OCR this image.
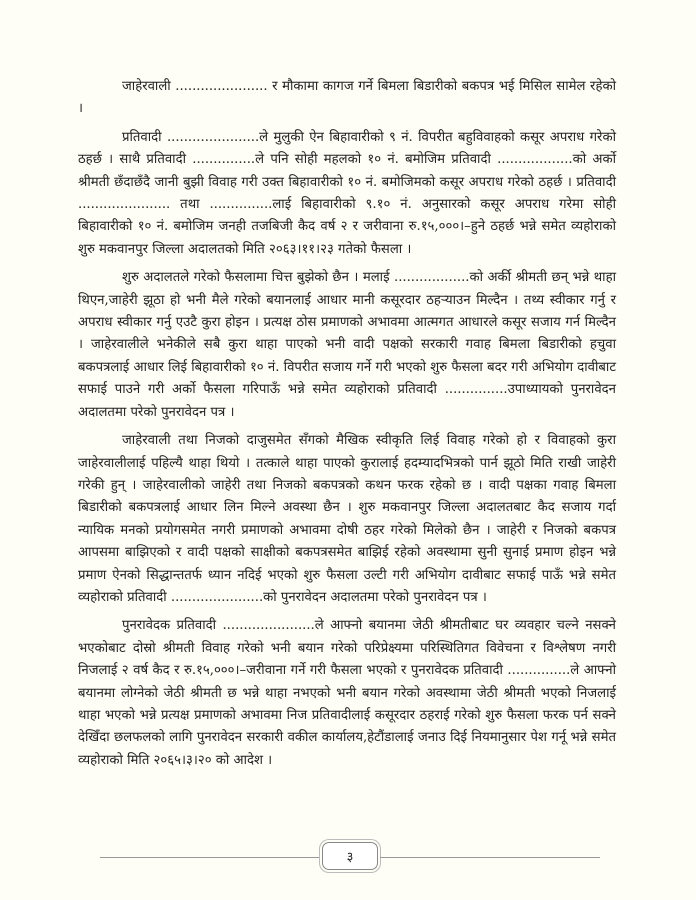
जाहेरवाली ...................... र मौकामा कागज गर्ने बिमला बिडारीको बकपत्र भई मिसिल सामेल रहेको ।

प्रतिवादी ......................ले मुलुकी ऐन बिहावारीको ९ नं. विपरीत बहुविवाहको कसूर अपराध गरेको ठहर्छ । साथै प्रतिवादी ...............ले पनि सोही महलको १० नं. बमोजिम प्रतिवादी ..................को अर्को श्रीमती छँदाछँदै जानी बुझी विवाह गरी उक्त बिहावारीको १० नं. बमोजिमको कसूर अपराध गरेको ठहर्छ । प्रतिवादी ...................... तथा ...............लाई बिहावारीको ९.१० नं. अनुसारको कसूर अपराध गरेमा सोही बिहावारीको १० नं. बमोजिम जनही तजबिजी कैद वर्ष २ र जरीवाना रु.१५,०००।–हुने ठहर्छ भन्ने समेत व्यहोराको शुरु मकवानपुर जिल्ला अदालतको मिति २०६३।११।२३ गतेको फैसला ।

शुरु अदालतले गरेको फैसलामा चित्त बुझेको छैन । मलाई ..................को अर्की श्रीमती छन् भन्ने थाहा थिएन,जाहेरी झूठा हो भनी मैले गरेको बयानलाई आधार मानी कसूरदार ठहऱ्याउन मिल्दैन । तथ्य स्वीकार गर्नु र अपराध स्वीकार गर्नु एउटै कुरा होइन । प्रत्यक्ष ठोस प्रमाणको अभावमा आत्मगत आधारले कसूर सजाय गर्न मिल्दैन । जाहेरवालीले भनेकीले सबै कुरा थाहा पाएको भनी वादी पक्षको सरकारी गवाह बिमला बिडारीको हचुवा बकपत्रलाई आधार लिई बिहावारीको १० नं. विपरीत सजाय गर्ने गरी भएको शुरु फैसला बदर गरी अभियोग दावीबाट सफाई पाउने गरी अर्को फैसला गरिपाऊँ भन्ने समेत व्यहोराको प्रतिवादी ...............उपाध्यायको पुनरावेदन अदालतमा परेको पुनरावेदन पत्र ।

जाहेरवाली तथा निजको दाजुसमेत सँगको मैखिक स्वीकृति लिई विवाह गरेको हो र विवाहको कुरा जाहेरवालीलाई पहिल्यै थाहा थियो । तत्काले थाहा पाएको कुरालाई हदम्यादभित्रको पार्न झूठो मिति राखी जाहेरी गरेकी हुन् । जाहेरवालीको जाहेरी तथा निजको बकपत्रको कथन फरक रहेको छ । वादी पक्षका गवाह बिमला बिडारीको बकपत्रलाई आधार लिन मिल्ने अवस्था छैन । शुरु मकवानपुर जिल्ला अदालतबाट कैद सजाय गर्दा न्यायिक मनको प्रयोगसमेत नगरी प्रमाणको अभावमा दोषी ठहर गरेको मिलेको छैन । जाहेरी र निजको बकपत्र आपसमा बाझिएको र वादी पक्षको साक्षीको बकपत्रसमेत बाझिई रहेको अवस्थामा सुनी सुनाई प्रमाण होइन भन्ने प्रमाण ऐनको सिद्धान्ततर्फ ध्यान नदिई भएको शुरु फैसला उल्टी गरी अभियोग दावीबाट सफाई पाऊँ भन्ने समेत व्यहोराको प्रतिवादी ......................को पुनरावेदन अदालतमा परेको पुनरावेदन पत्र ।

पुनरावेदक प्रतिवादी ......................ले आफ्नो बयानमा जेठी श्रीमतीबाट घर व्यवहार चल्ने नसक्ने भएकोबाट दोस्रो श्रीमती विवाह गरेको भनी बयान गरेको परिप्रेक्ष्यमा परिस्थितिगत विवेचना र विश्लेषण नगरी निजलाई २ वर्ष कैद र रु.१५,०००।–जरीवाना गर्ने गरी फैसला भएको र पुनरावेदक प्रतिवादी ...............ले आफ्नो बयानमा लोग्नेको जेठी श्रीमती छ भन्ने थाहा नभएको भनी बयान गरेको अवस्थामा जेठी श्रीमती भएको निजलाई थाहा भएको भन्ने प्रत्यक्ष प्रमाणको अभावमा निज प्रतिवादीलाई कसूरदार ठहराई गरेको शुरु फैसला फरक पर्न सक्ने देखिँदा छलफलको लागि पुनरावेदन सरकारी वकील कार्यालय,हेटौंडालाई जनाउ दिई नियमानुसार पेश गर्नू भन्ने समेत व्यहोराको मिति २०६५।३।२० को आदेश ।

३
